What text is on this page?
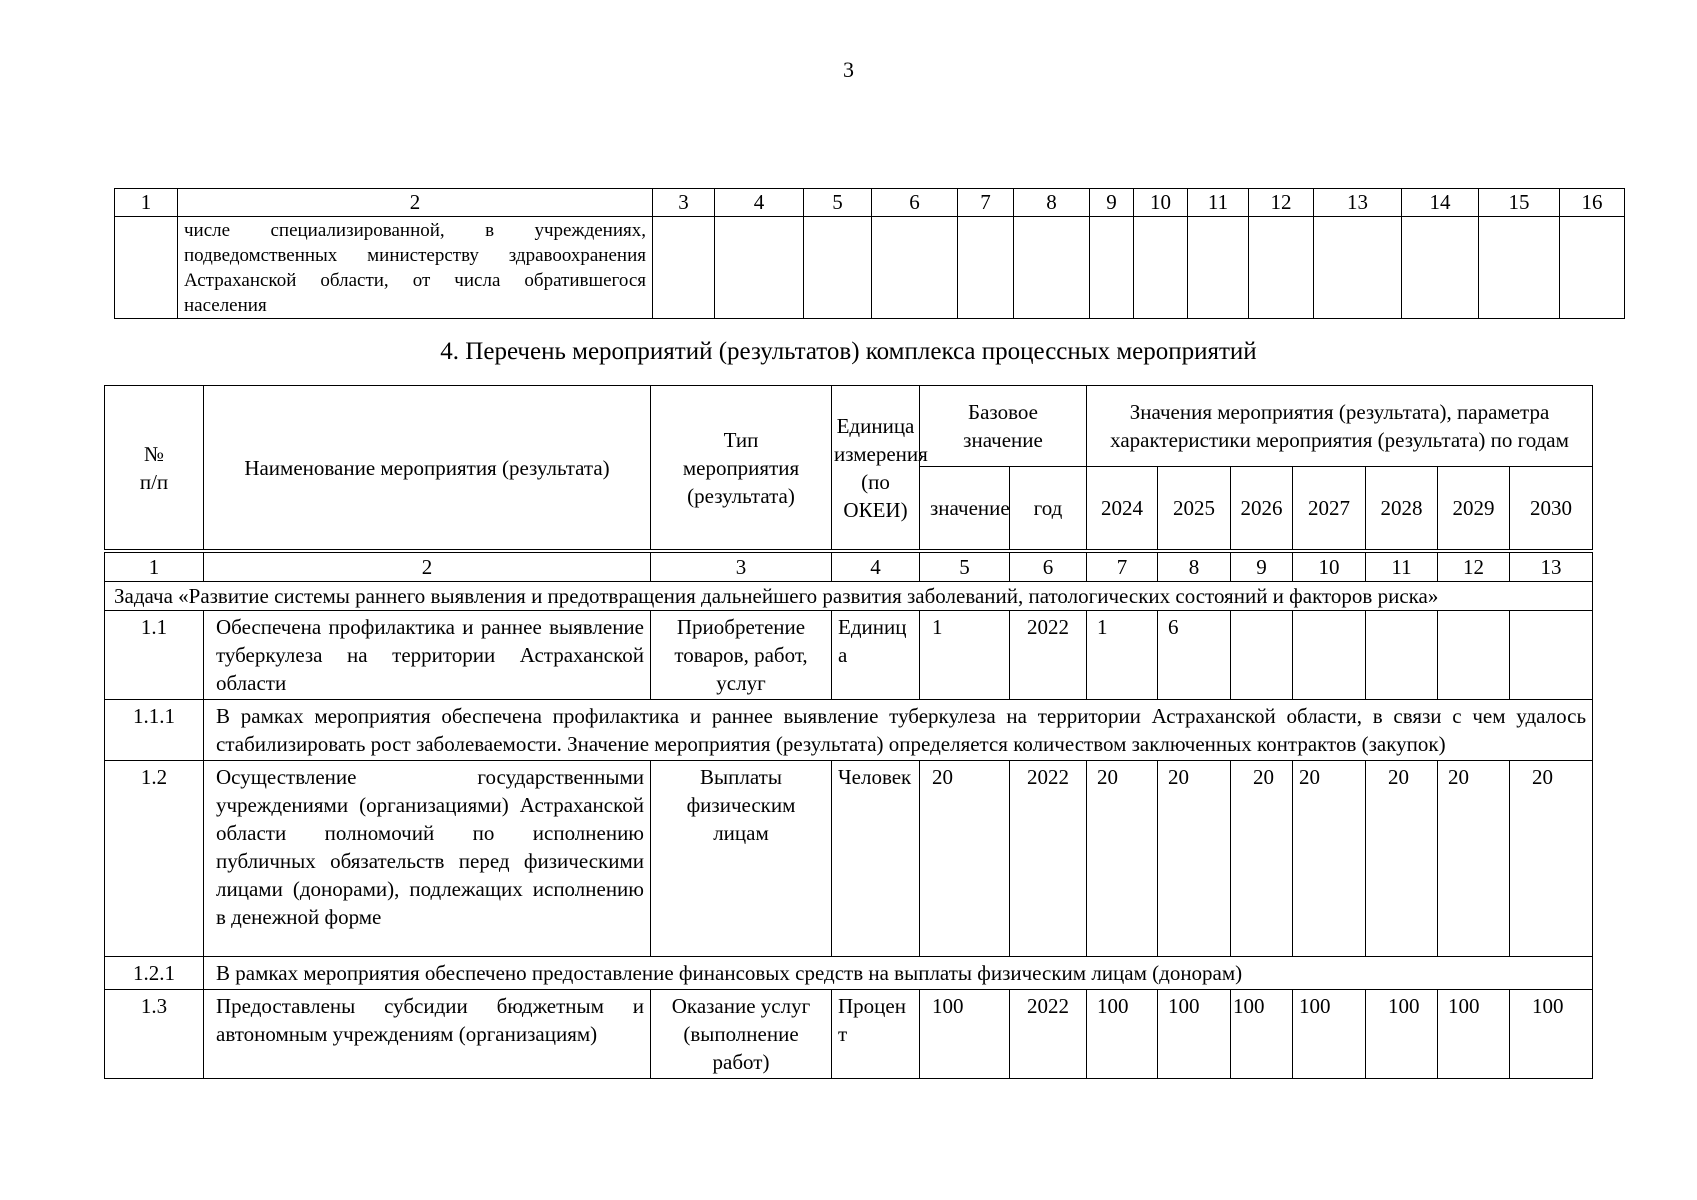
3
1	2	3	4	5	6	7	8	9	10	11	12	13	14	15	16
	числе специализированной, в учреждениях, подведомственных министерству здравоохранения Астраханской области, от числа обратившегося населения														
4. Перечень мероприятий (результатов) комплекса процессных мероприятий
№ п/п	Наименование мероприятия (результата)	Тип мероприятия (результата)	Единица измерения (по ОКЕИ)	Базовое значение		Значения мероприятия (результата), параметра характеристики мероприятия (результата) по годам						
				значение	год	2024	2025	2026	2027	2028	2029	2030
1	2	3	4	5	6	7	8	9	10	11	12	13
Задача «Развитие системы раннего выявления и предотвращения дальнейшего развития заболеваний, патологических состояний и факторов риска»												
1.1	Обеспечена профилактика и раннее выявление туберкулеза на территории Астраханской области	Приобретение товаров, работ, услуг	Единица	1	2022	1	6					
1.1.1	В рамках мероприятия обеспечена профилактика и раннее выявление туберкулеза на территории Астраханской области, в связи с чем удалось стабилизировать рост заболеваемости. Значение мероприятия (результата) определяется количеством заключенных контрактов (закупок)											
1.2	Осуществление государственными учреждениями (организациями) Астраханской области полномочий по исполнению публичных обязательств перед физическими лицами (донорами), подлежащих исполнению в денежной форме	Выплаты физическим лицам	Человек	20	2022	20	20	20	20	20	20	20
1.2.1	В рамках мероприятия обеспечено предоставление финансовых средств на выплаты физическим лицам (донорам)											
1.3	Предоставлены субсидии бюджетным и автономным учреждениям (организациям)	Оказание услуг (выполнение работ)	Процент	100	2022	100	100	100	100	100	100	100
